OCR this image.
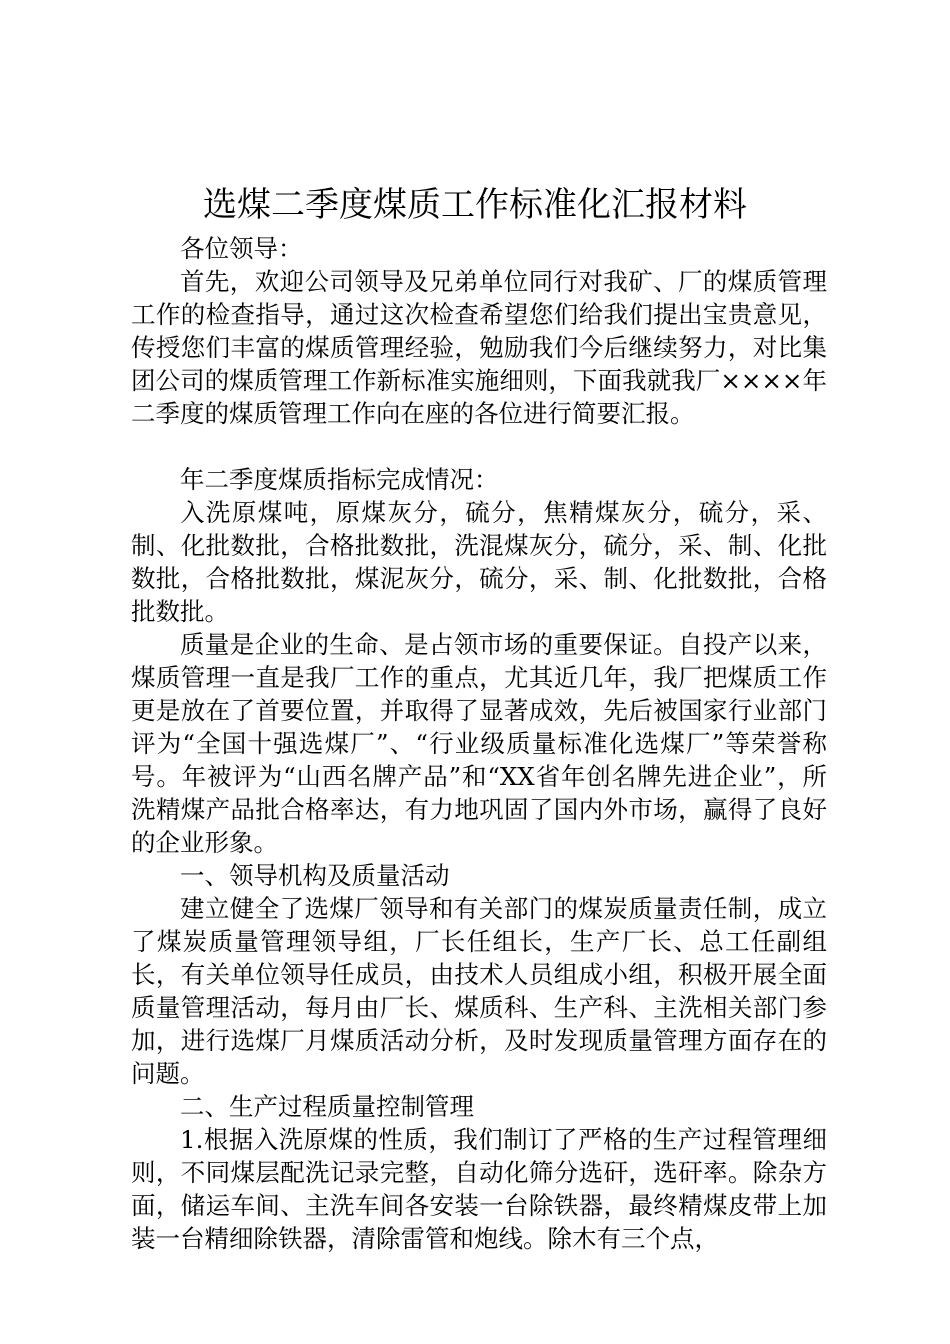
选煤二季度煤质工作标准化汇报材料

各位领导：

首先，欢迎公司领导及兄弟单位同行对我矿、厂的煤质管理工作的检查指导，通过这次检查希望您们给我们提出宝贵意见，传授您们丰富的煤质管理经验，勉励我们今后继续努力，对比集团公司的煤质管理工作新标准实施细则，下面我就我厂××××年二季度的煤质管理工作向在座的各位进行简要汇报。

年二季度煤质指标完成情况：

入洗原煤吨，原煤灰分，硫分，焦精煤灰分，硫分，采、制、化批数批，合格批数批，洗混煤灰分，硫分，采、制、化批数批，合格批数批，煤泥灰分，硫分，采、制、化批数批，合格批数批。

质量是企业的生命、是占领市场的重要保证。自投产以来，煤质管理一直是我厂工作的重点，尤其近几年，我厂把煤质工作更是放在了首要位置，并取得了显著成效，先后被国家行业部门评为“全国十强选煤厂”、“行业级质量标准化选煤厂”等荣誉称号。年被评为“山西名牌产品”和“XX省年创名牌先进企业”，所洗精煤产品批合格率达，有力地巩固了国内外市场，赢得了良好的企业形象。

一、领导机构及质量活动

建立健全了选煤厂领导和有关部门的煤炭质量责任制，成立了煤炭质量管理领导组，厂长任组长，生产厂长、总工任副组长，有关单位领导任成员，由技术人员组成小组，积极开展全面质量管理活动，每月由厂长、煤质科、生产科、主洗相关部门参加，进行选煤厂月煤质活动分析，及时发现质量管理方面存在的问题。

二、生产过程质量控制管理

1.根据入洗原煤的性质，我们制订了严格的生产过程管理细则，不同煤层配洗记录完整，自动化筛分选矸，选矸率。除杂方面，储运车间、主洗车间各安装一台除铁器，最终精煤皮带上加装一台精细除铁器，清除雷管和炮线。除木有三个点，
